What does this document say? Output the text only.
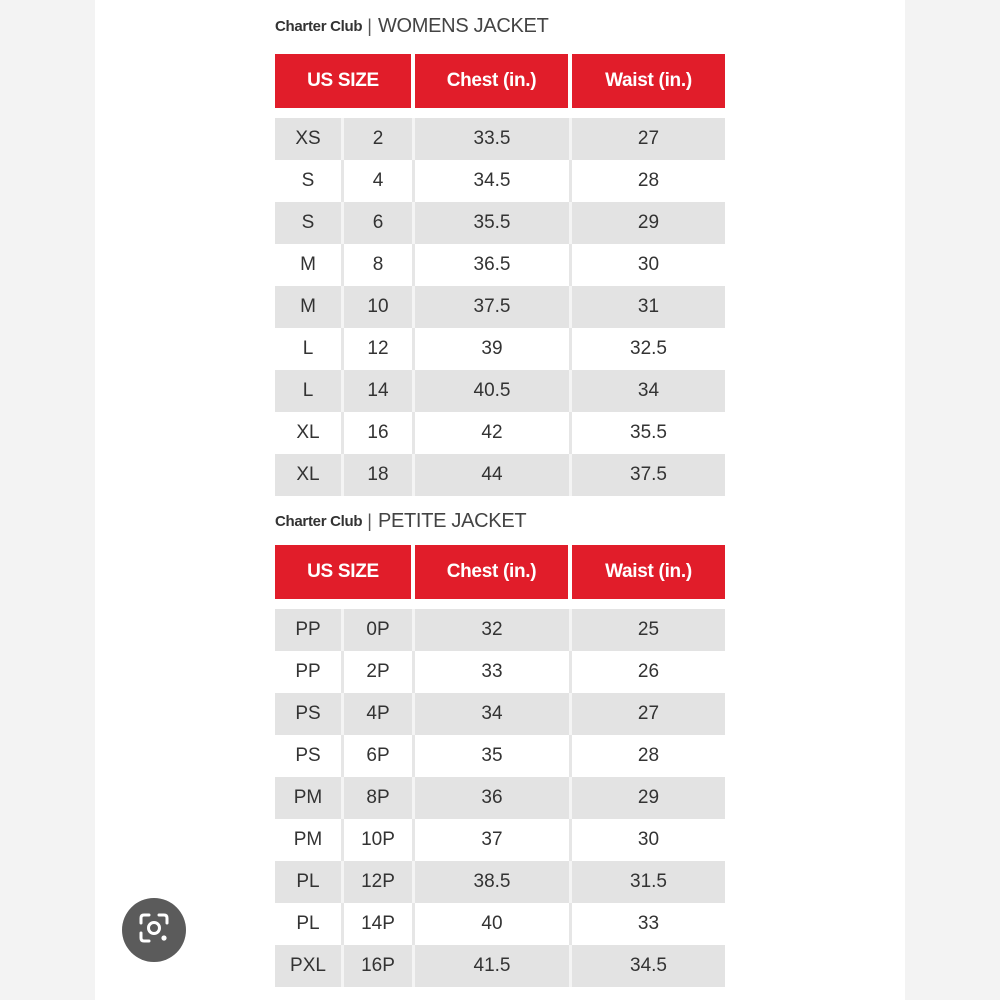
Charter Club | WOMENS JACKET
US SIZE	Chest (in.)	Waist (in.)
XS	2	33.5	27
S	4	34.5	28
S	6	35.5	29
M	8	36.5	30
M	10	37.5	31
L	12	39	32.5
L	14	40.5	34
XL	16	42	35.5
XL	18	44	37.5
Charter Club | PETITE JACKET
US SIZE	Chest (in.)	Waist (in.)
PP	0P	32	25
PP	2P	33	26
PS	4P	34	27
PS	6P	35	28
PM	8P	36	29
PM	10P	37	30
PL	12P	38.5	31.5
PL	14P	40	33
PXL	16P	41.5	34.5
